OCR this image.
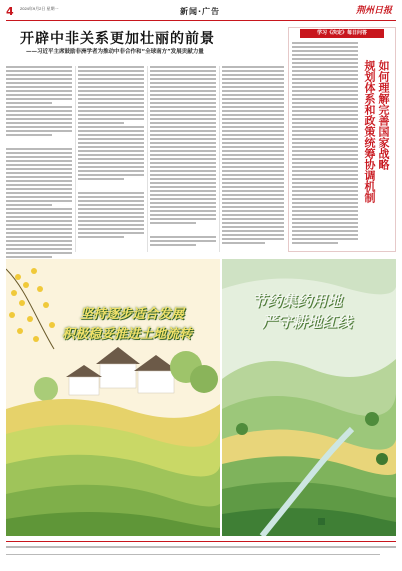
4 2024年9月2日 星期一	新闻·广告	荆州日报
开辟中非关系更加壮丽的前景
——习近平主席鼓励非洲学者为推动中非合作和“全球南方”发展贡献力量

学习《决定》每日问答
如何理解完善国家战略
规划体系和政策统筹协调机制
坚持逐步适合发展
积极稳妥推进土地流转
节约集约用地
严守耕地红线
